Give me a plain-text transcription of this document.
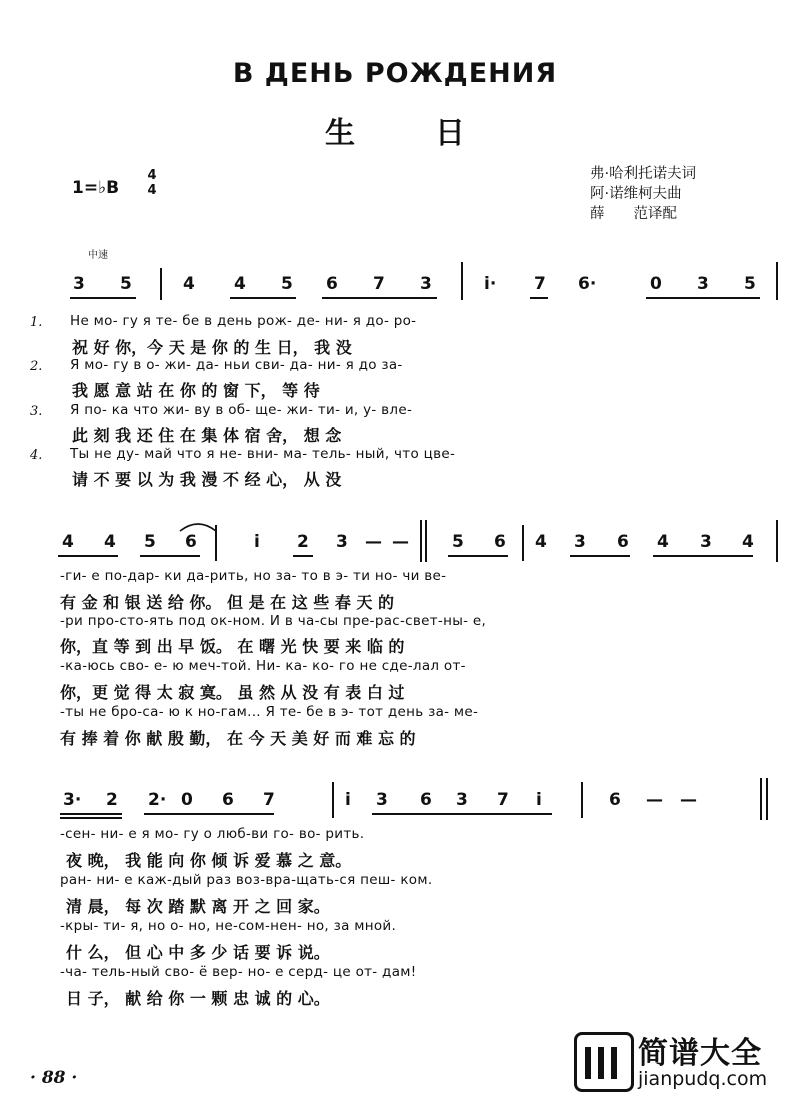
В ДЕНЬ РОЖДЕНИЯ
生日
1=♭B
4
4
弗·哈利托诺夫词
阿·诺维柯夫曲
薛　　范译配
中速
3 5	4 4 5 6 7 3	i· 7 6·	0 3 5
1. Не мо- гу я те- бе в день рож- де- ни- я до- ро-
祝 好 你，今 天 是 你 的 生 日， 我 没
2. Я мо- гу в о- жи- да- ньи сви- да- ни- я до за-
我 愿 意 站 在 你 的 窗 下， 等 待
3. Я по- ка что жи- ву в об- ще- жи- ти- и, у- вле-
此 刻 我 还 住 在 集 体 宿 舍， 想 念
4. Ты не ду- май что я не- вни- ма- тель- ный, что цве-
请 不 要 以 为 我 漫 不 经 心， 从 没
4 4 5 6	i 2 3 — —	5 6 4 3 6 4 3 4
-ги- е по-дар- ки да-рить, но за- то в э- ти но- чи ве-
有 金 和 银 送 给 你。 但 是 在 这 些 春 天 的
-ри про-сто-ять под ок-ном. И в ча-сы пре-рас-свет-ны- е,
你，直 等 到 出 早 饭。 在 曙 光 快 要 来 临 的
-ка-юсь сво- е- ю меч-той. Ни- ка- ко- го не сде-лал от-
你，更 觉 得 太 寂 寞。 虽 然 从 没 有 表 白 过
-ты не бро-са- ю к но-гам... Я те- бе в э- тот день за- ме-
有 捧 着 你 献 殷 勤， 在 今 天 美 好 而 难 忘 的
3· 2 2· 0 6 7	i 3 6 3 7 i	6 — —
-сен- ни- е я мо- гу о люб-ви го- во- рить.
夜 晚， 我 能 向 你 倾 诉 爱 慕 之 意。
ран- ни- е каж-дый раз воз-вра-щать-ся пеш- ком.
清 晨， 每 次 踏 默 离 开 之 回 家。
-кры- ти- я, но о- но, не-сом-нен- но, за мной.
什 么， 但 心 中 多 少 话 要 诉 说。
-ча- тель-ный сво- ё вер- но- е серд- це от- дам!
日 子， 献 给 你 一 颗 忠 诚 的 心。
· 88 ·
简谱大全
jianpudq.com
